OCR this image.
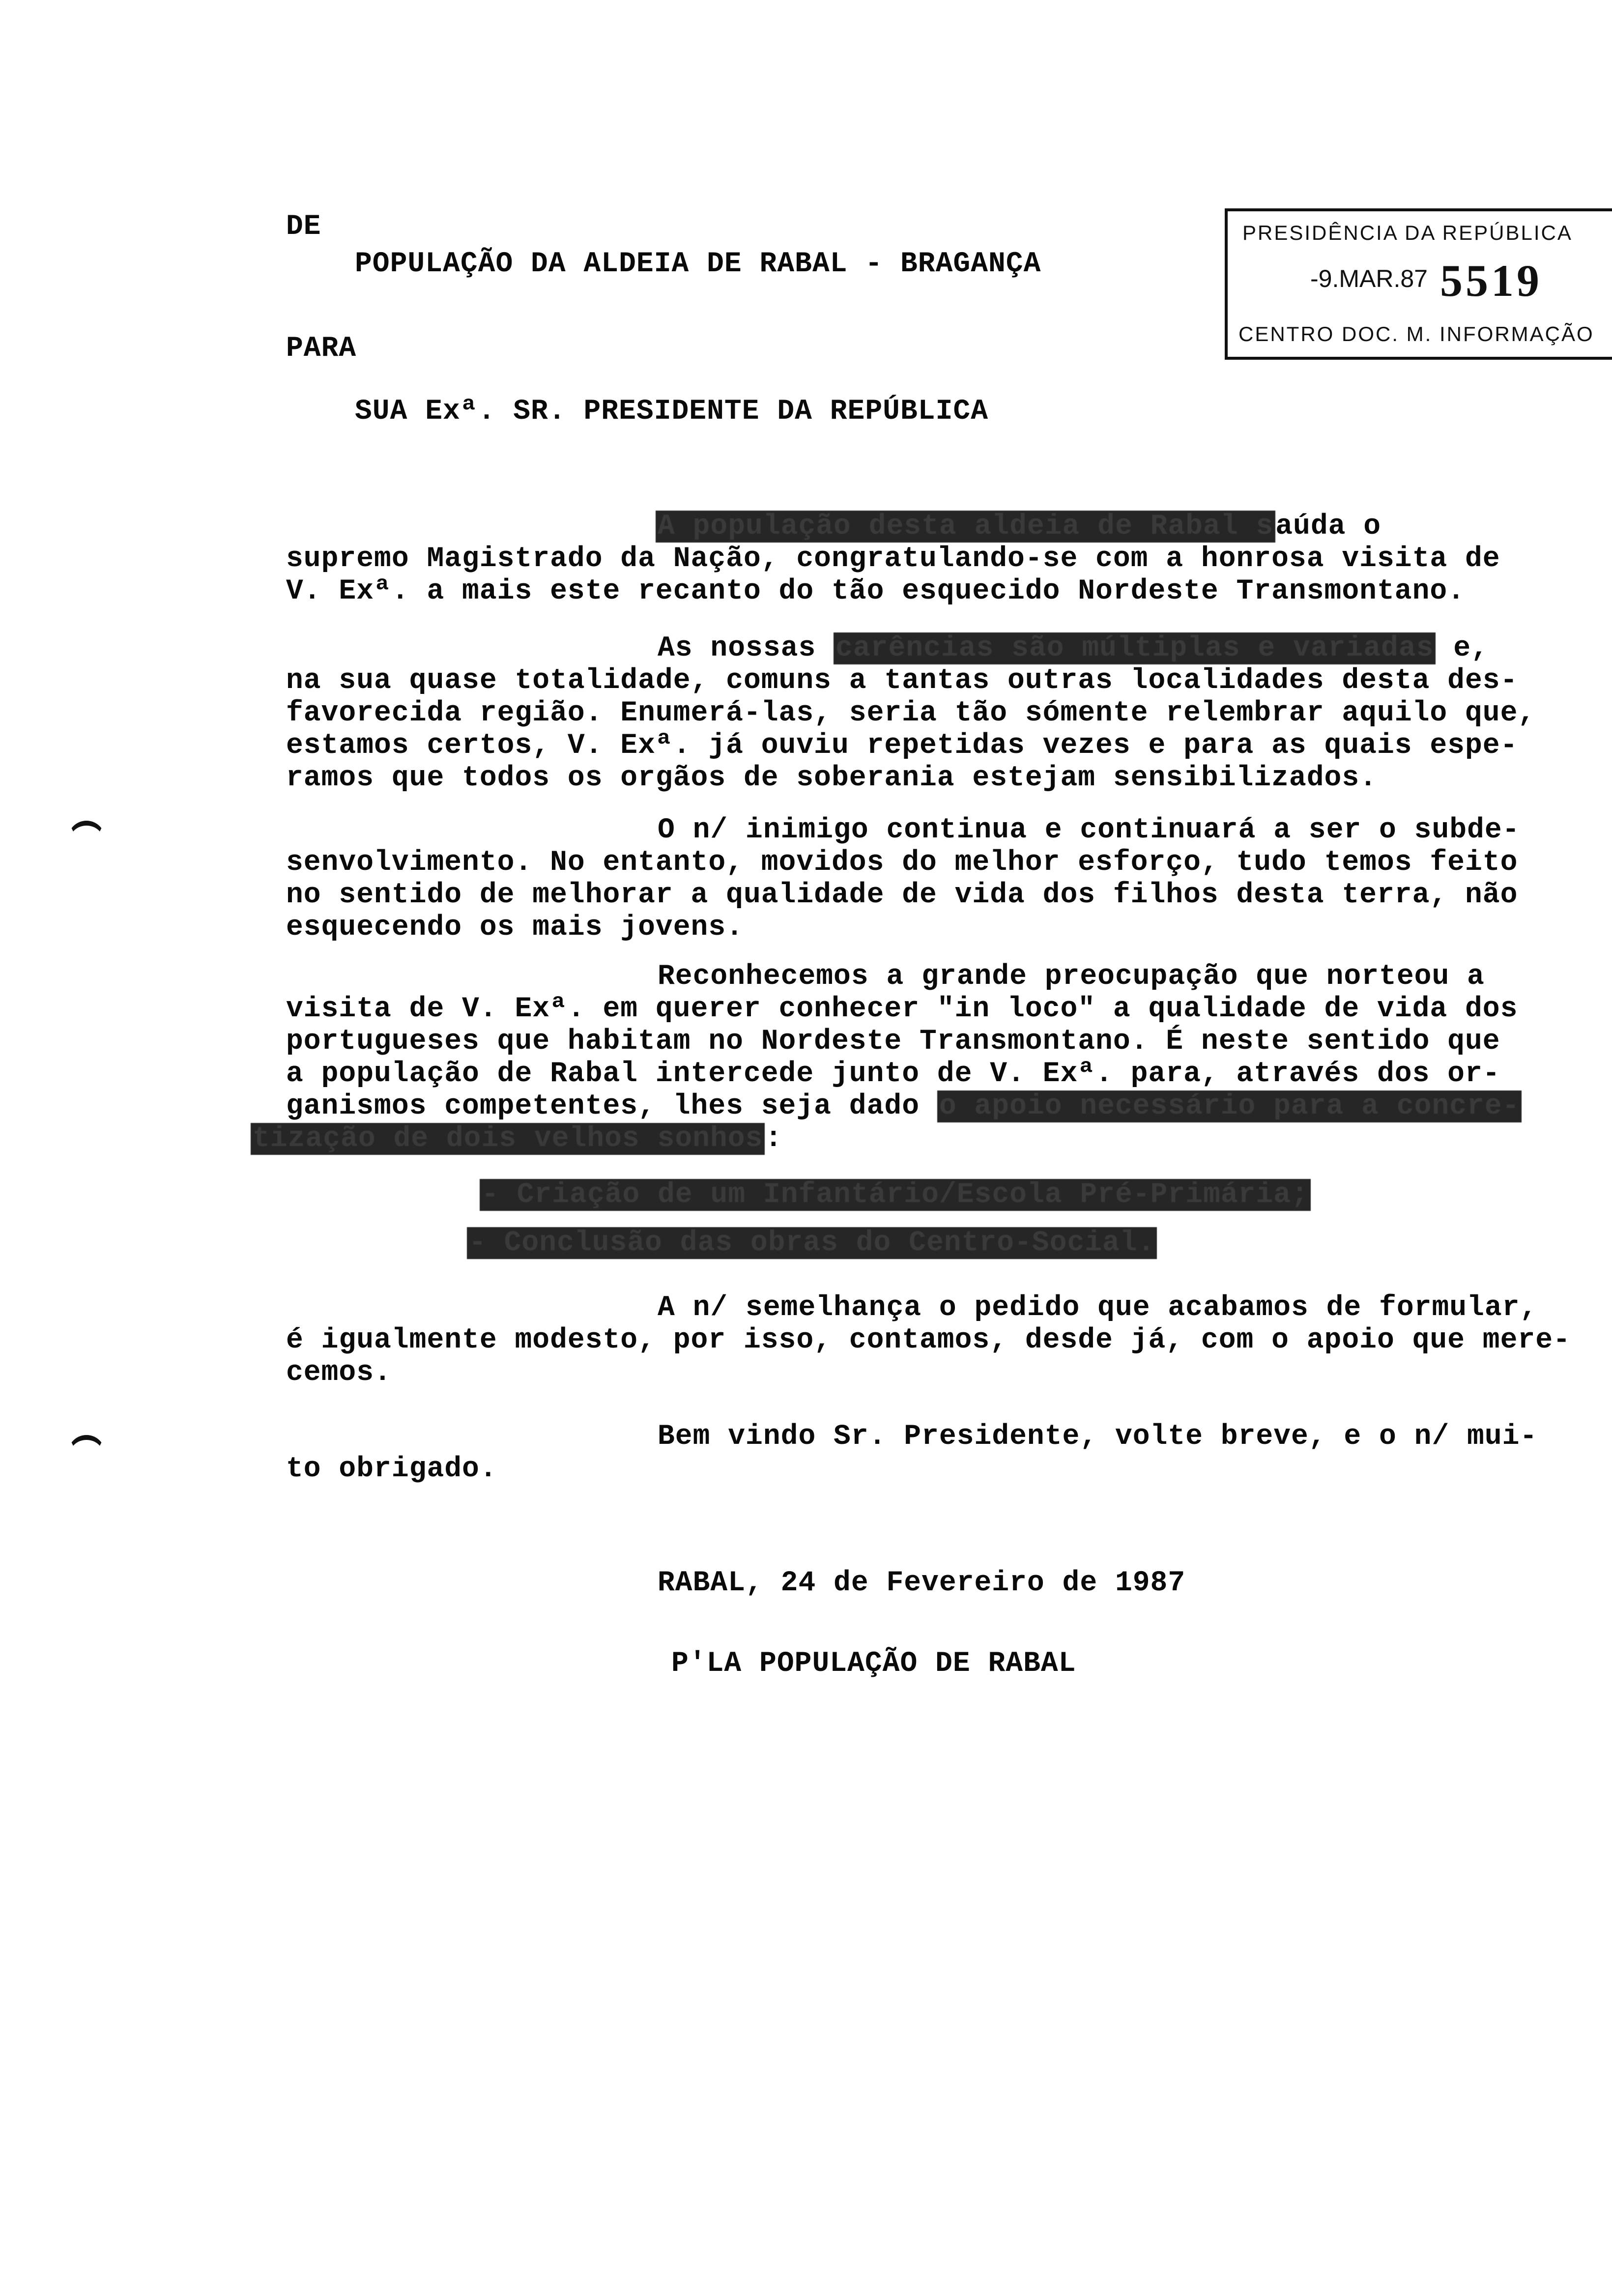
DE
POPULAÇÃO DA ALDEIA DE RABAL - BRAGANÇA
PARA
SUA Exª. SR. PRESIDENTE DA REPÚBLICA
PRESIDÊNCIA DA REPÚBLICA
-9.MAR.87 5519
CENTRO DOC. M. INFORMAÇÃO
A população desta aldeia de Rabal saúda o
supremo Magistrado da Nação, congratulando-se com a honrosa visita de
V. Exª. a mais este recanto do tão esquecido Nordeste Transmontano.
As nossas carências são múltiplas e variadas e,
na sua quase totalidade, comuns a tantas outras localidades desta des-
favorecida região. Enumerá-las, seria tão sómente relembrar aquilo que,
estamos certos, V. Exª. já ouviu repetidas vezes e para as quais espe-
ramos que todos os orgãos de soberania estejam sensibilizados.
O n/ inimigo continua e continuará a ser o subde-
senvolvimento. No entanto, movidos do melhor esforço, tudo temos feito
no sentido de melhorar a qualidade de vida dos filhos desta terra, não
esquecendo os mais jovens.
Reconhecemos a grande preocupação que norteou a
visita de V. Exª. em querer conhecer "in loco" a qualidade de vida dos
portugueses que habitam no Nordeste Transmontano. É neste sentido que
a população de Rabal intercede junto de V. Exª. para, através dos or-
ganismos competentes, lhes seja dado o apoio necessário para a concre-
tização de dois velhos sonhos:
- Criação de um Infantário/Escola Pré-Primária;
- Conclusão das obras do Centro-Social.
A n/ semelhança o pedido que acabamos de formular,
é igualmente modesto, por isso, contamos, desde já, com o apoio que mere-
cemos.
Bem vindo Sr. Presidente, volte breve, e o n/ mui-
to obrigado.
RABAL, 24 de Fevereiro de 1987
P'LA POPULAÇÃO DE RABAL
